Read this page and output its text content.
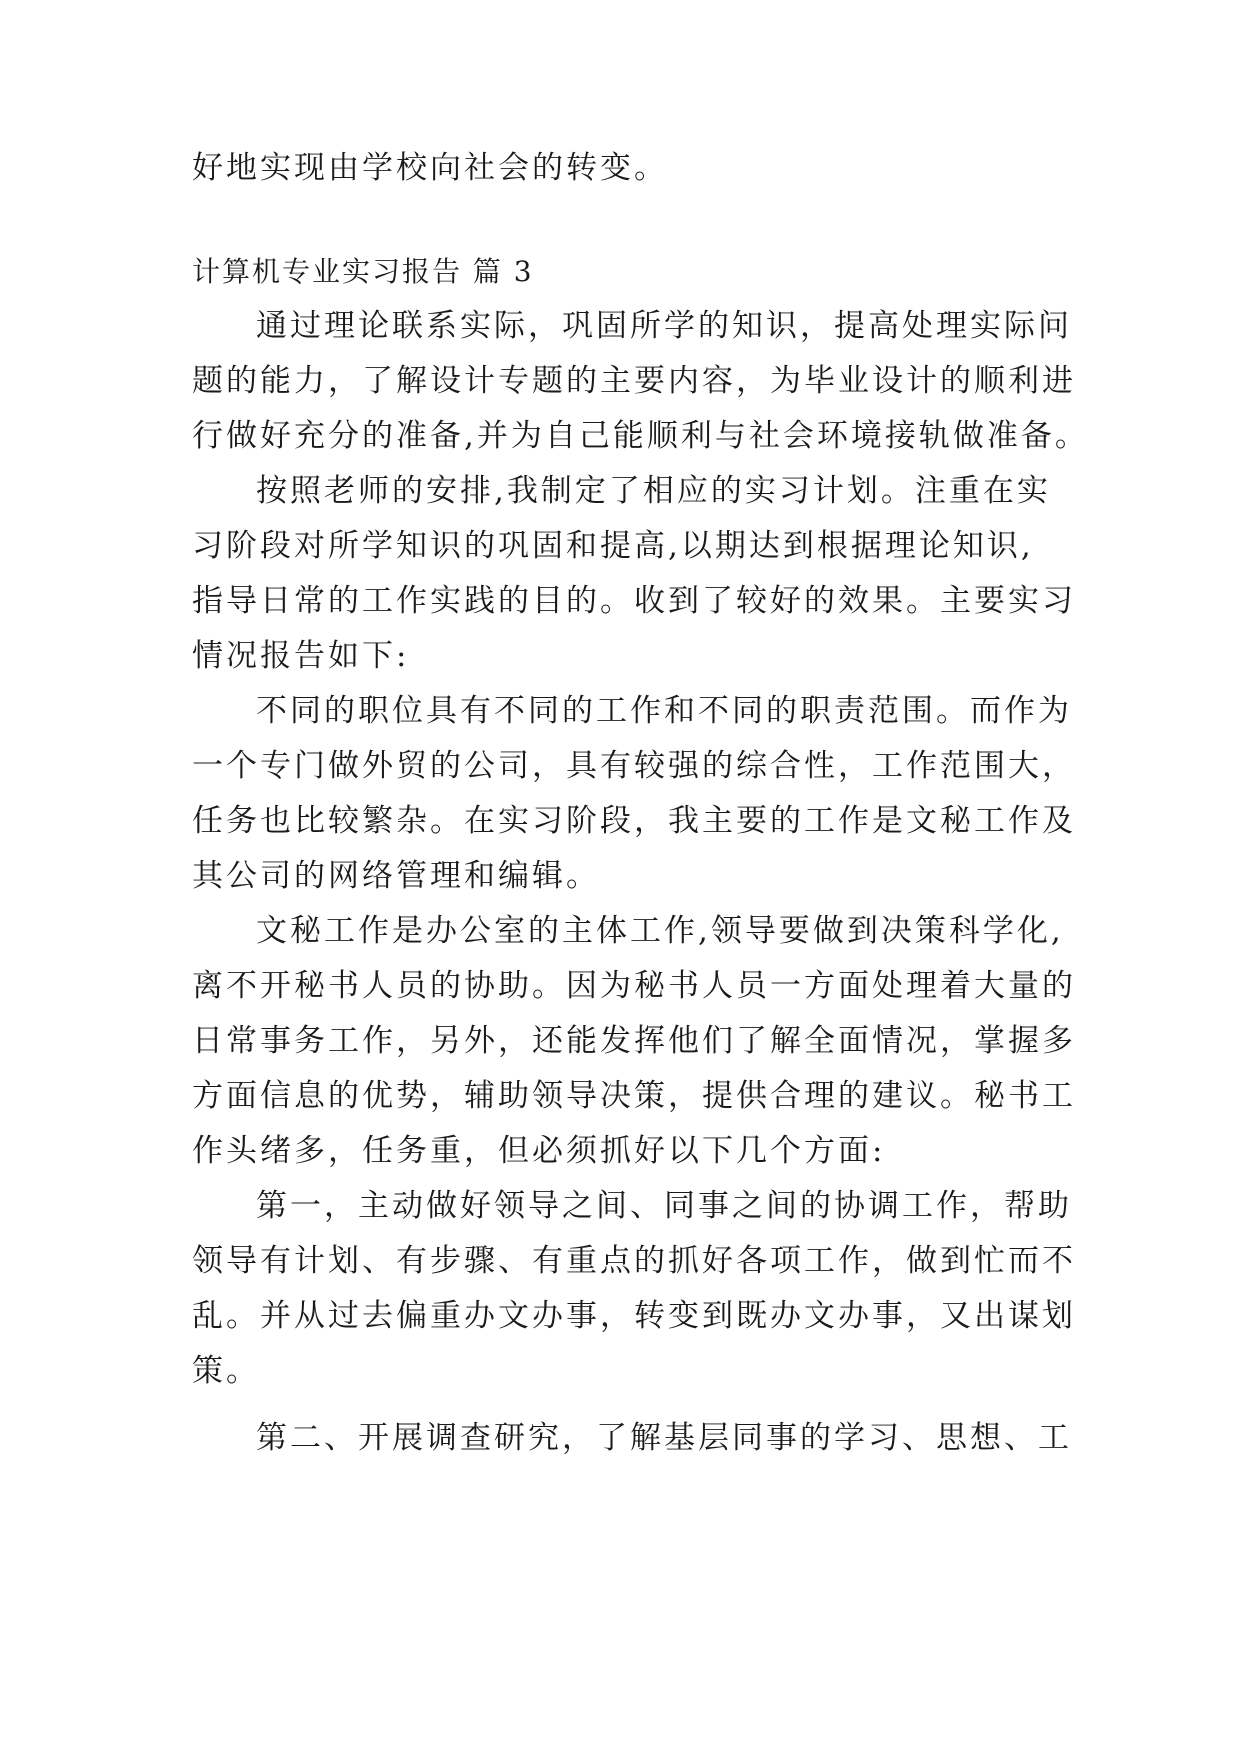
好地实现由学校向社会的转变。
计算机专业实习报告 篇 3
通过理论联系实际，巩固所学的知识，提高处理实际问
题的能力，了解设计专题的主要内容，为毕业设计的顺利进
行做好充分的准备,并为自己能顺利与社会环境接轨做准备。
按照老师的安排,我制定了相应的实习计划。注重在实
习阶段对所学知识的巩固和提高,以期达到根据理论知识,
指导日常的工作实践的目的。收到了较好的效果。主要实习
情况报告如下:
不同的职位具有不同的工作和不同的职责范围。而作为
一个专门做外贸的公司，具有较强的综合性，工作范围大，
任务也比较繁杂。在实习阶段，我主要的工作是文秘工作及
其公司的网络管理和编辑。
文秘工作是办公室的主体工作,领导要做到决策科学化,
离不开秘书人员的协助。因为秘书人员一方面处理着大量的
日常事务工作，另外，还能发挥他们了解全面情况，掌握多
方面信息的优势，辅助领导决策，提供合理的建议。秘书工
作头绪多，任务重，但必须抓好以下几个方面:
第一，主动做好领导之间、同事之间的协调工作，帮助
领导有计划、有步骤、有重点的抓好各项工作，做到忙而不
乱。并从过去偏重办文办事，转变到既办文办事，又出谋划
策。
第二、开展调查研究，了解基层同事的学习、思想、工
